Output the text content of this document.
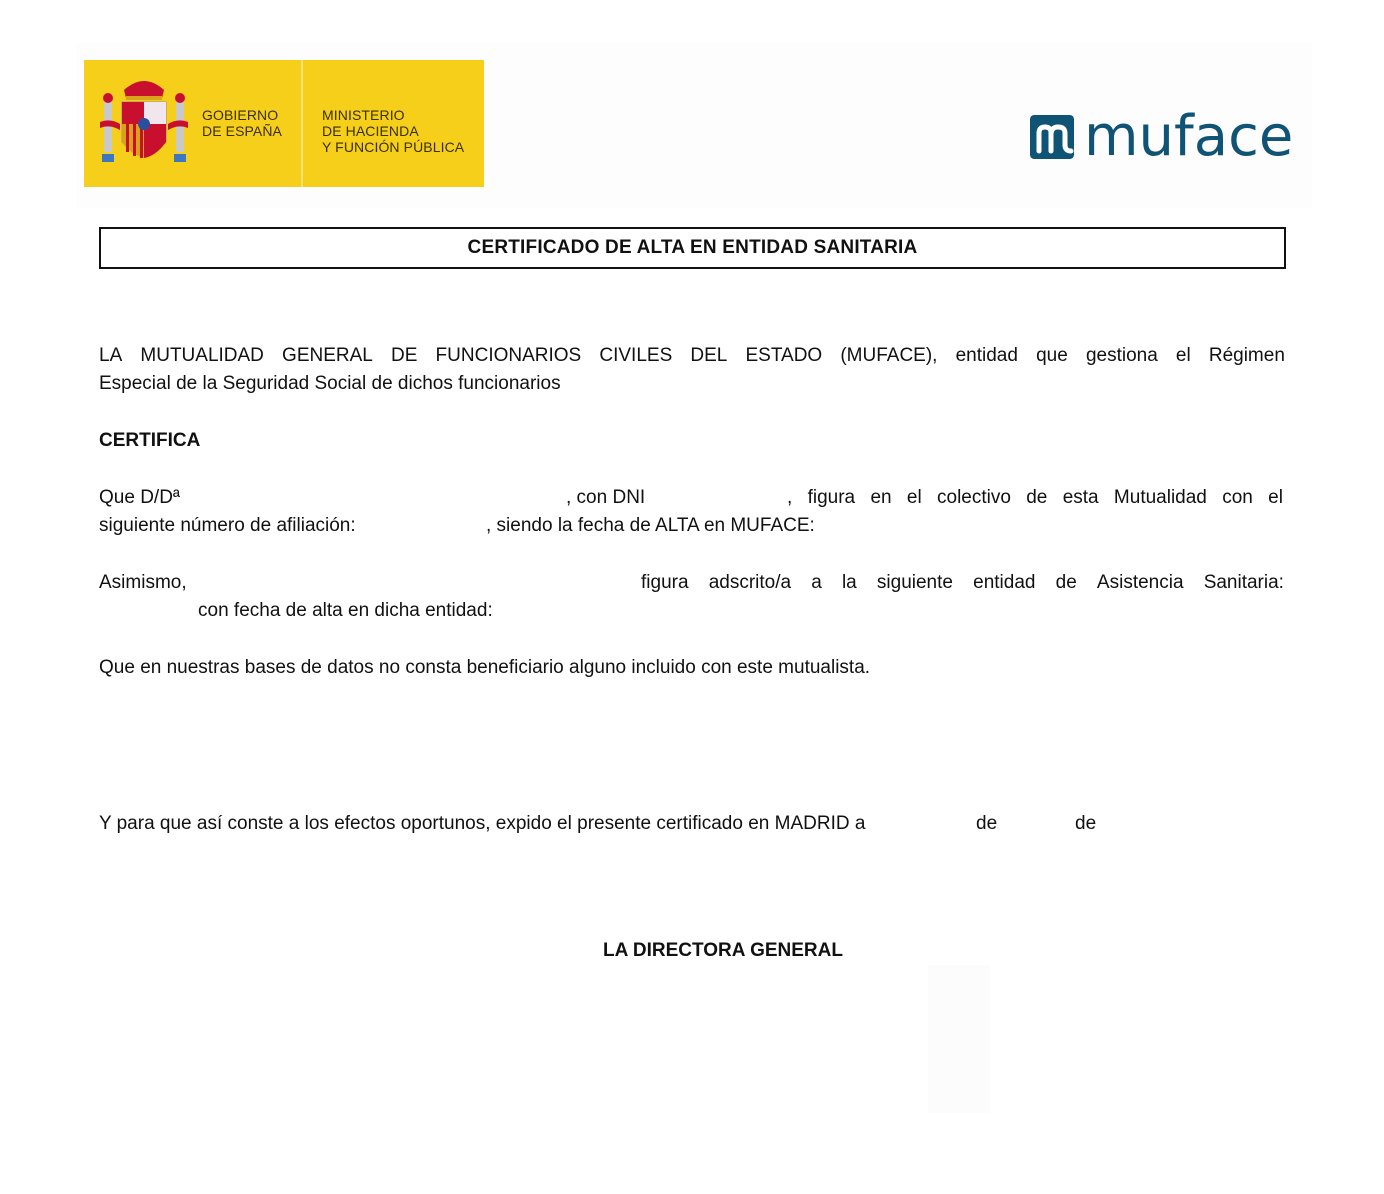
GOBIERNO
DE ESPAÑA
MINISTERIO
DE HACIENDA
Y FUNCIÓN PÚBLICA	muface
CERTIFICADO DE ALTA EN ENTIDAD SANITARIA
LA MUTUALIDAD GENERAL DE FUNCIONARIOS CIVILES DEL ESTADO (MUFACE), entidad que gestiona el Régimen
Especial de la Seguridad Social de dichos funcionarios
CERTIFICA
Que D/Dª	, con DNI	, figura en el colectivo de esta Mutualidad con el
siguiente número de afiliación:	, siendo la fecha de ALTA en MUFACE:
Asimismo,	figura adscrito/a a la siguiente entidad de Asistencia Sanitaria:
con fecha de alta en dicha entidad:
Que en nuestras bases de datos no consta beneficiario alguno incluido con este mutualista.
Y para que así conste a los efectos oportunos, expido el presente certificado en MADRID a	de	de
LA DIRECTORA GENERAL
